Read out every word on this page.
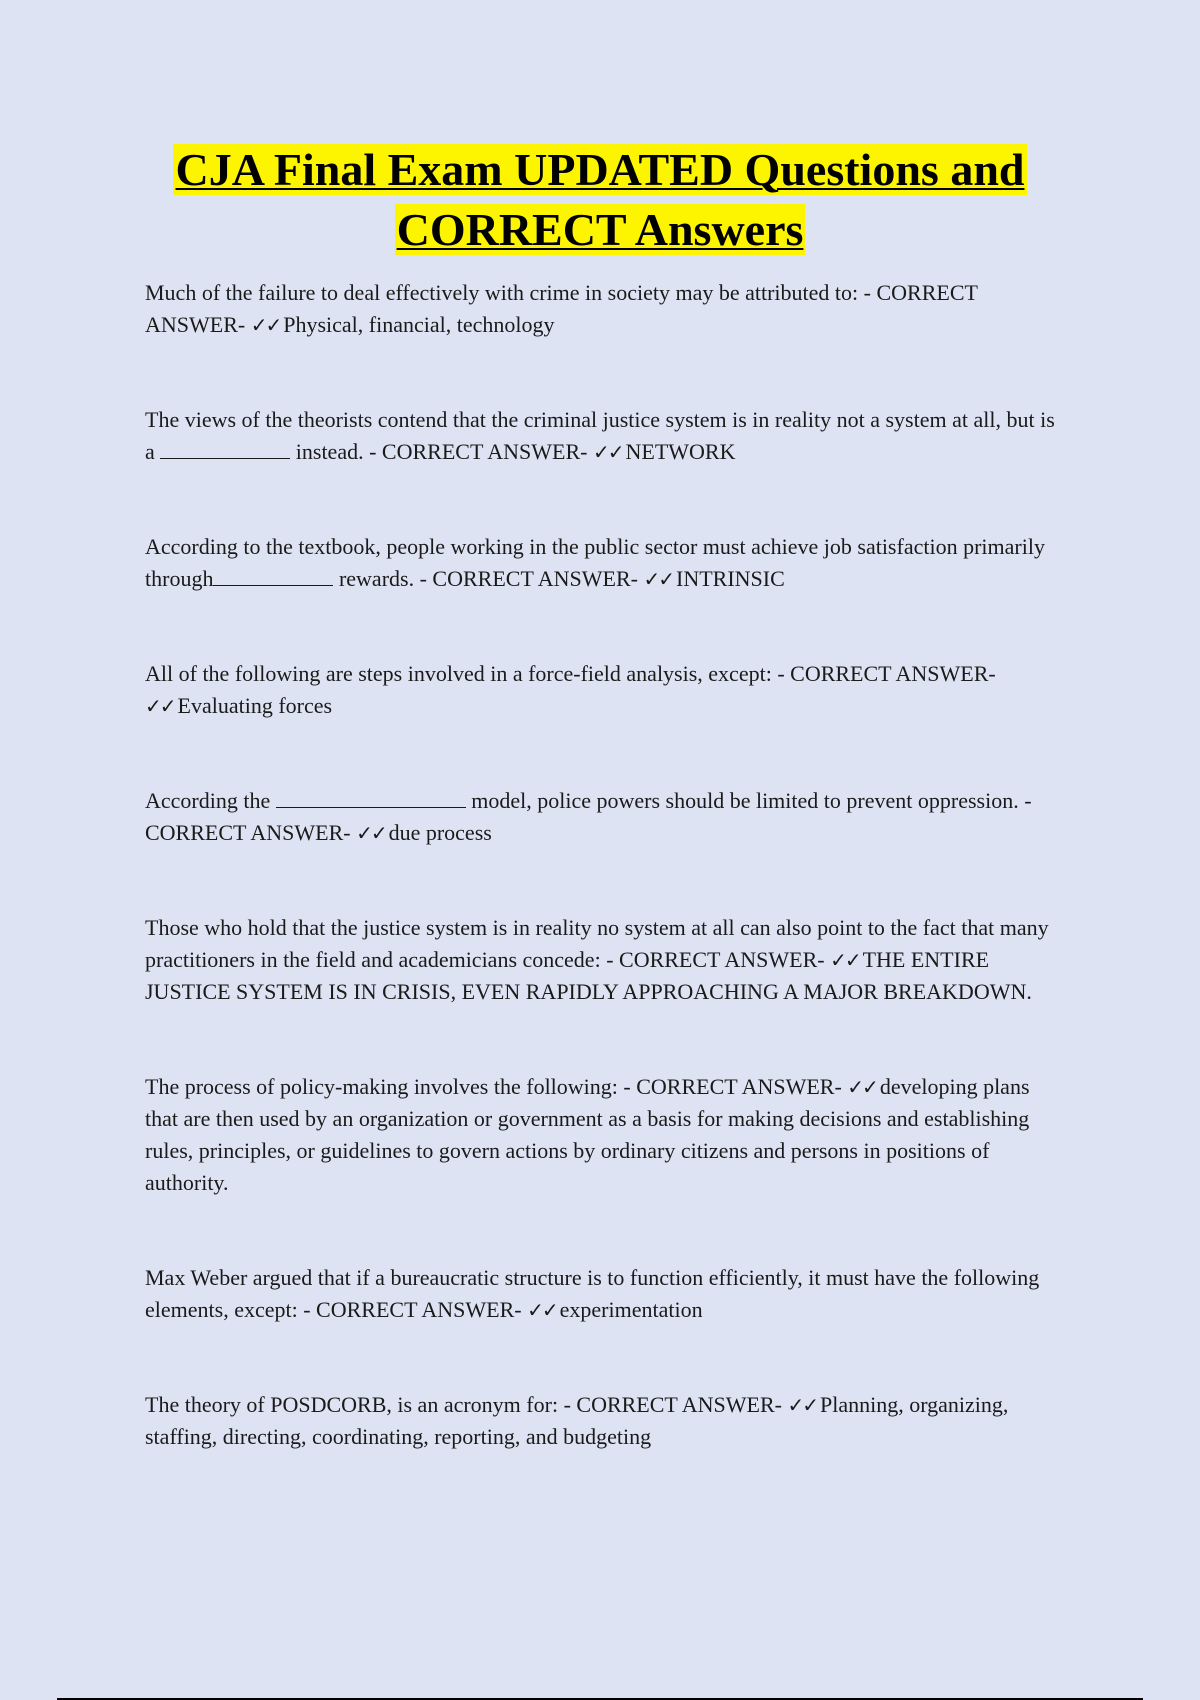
CJA Final Exam UPDATED Questions and
CORRECT Answers
Much of the failure to deal effectively with crime in society may be attributed to: - CORRECT ANSWER- ✓✓ Physical, financial, technology
The views of the theorists contend that the criminal justice system is in reality not a system at all, but is a	instead. - CORRECT ANSWER- ✓✓ NETWORK
According to the textbook, people working in the public sector must achieve job satisfaction primarily through	rewards. - CORRECT ANSWER- ✓✓ INTRINSIC
All of the following are steps involved in a force-field analysis, except: - CORRECT ANSWER- ✓✓ Evaluating forces
According the	model, police powers should be limited to prevent oppression. - CORRECT ANSWER- ✓✓ due process
Those who hold that the justice system is in reality no system at all can also point to the fact that many practitioners in the field and academicians concede: - CORRECT ANSWER- ✓✓ THE ENTIRE JUSTICE SYSTEM IS IN CRISIS, EVEN RAPIDLY APPROACHING A MAJOR BREAKDOWN.
The process of policy-making involves the following: - CORRECT ANSWER- ✓✓ developing plans that are then used by an organization or government as a basis for making decisions and establishing rules, principles, or guidelines to govern actions by ordinary citizens and persons in positions of authority.
Max Weber argued that if a bureaucratic structure is to function efficiently, it must have the following elements, except: - CORRECT ANSWER- ✓✓ experimentation
The theory of POSDCORB, is an acronym for: - CORRECT ANSWER- ✓✓ Planning, organizing, staffing, directing, coordinating, reporting, and budgeting
